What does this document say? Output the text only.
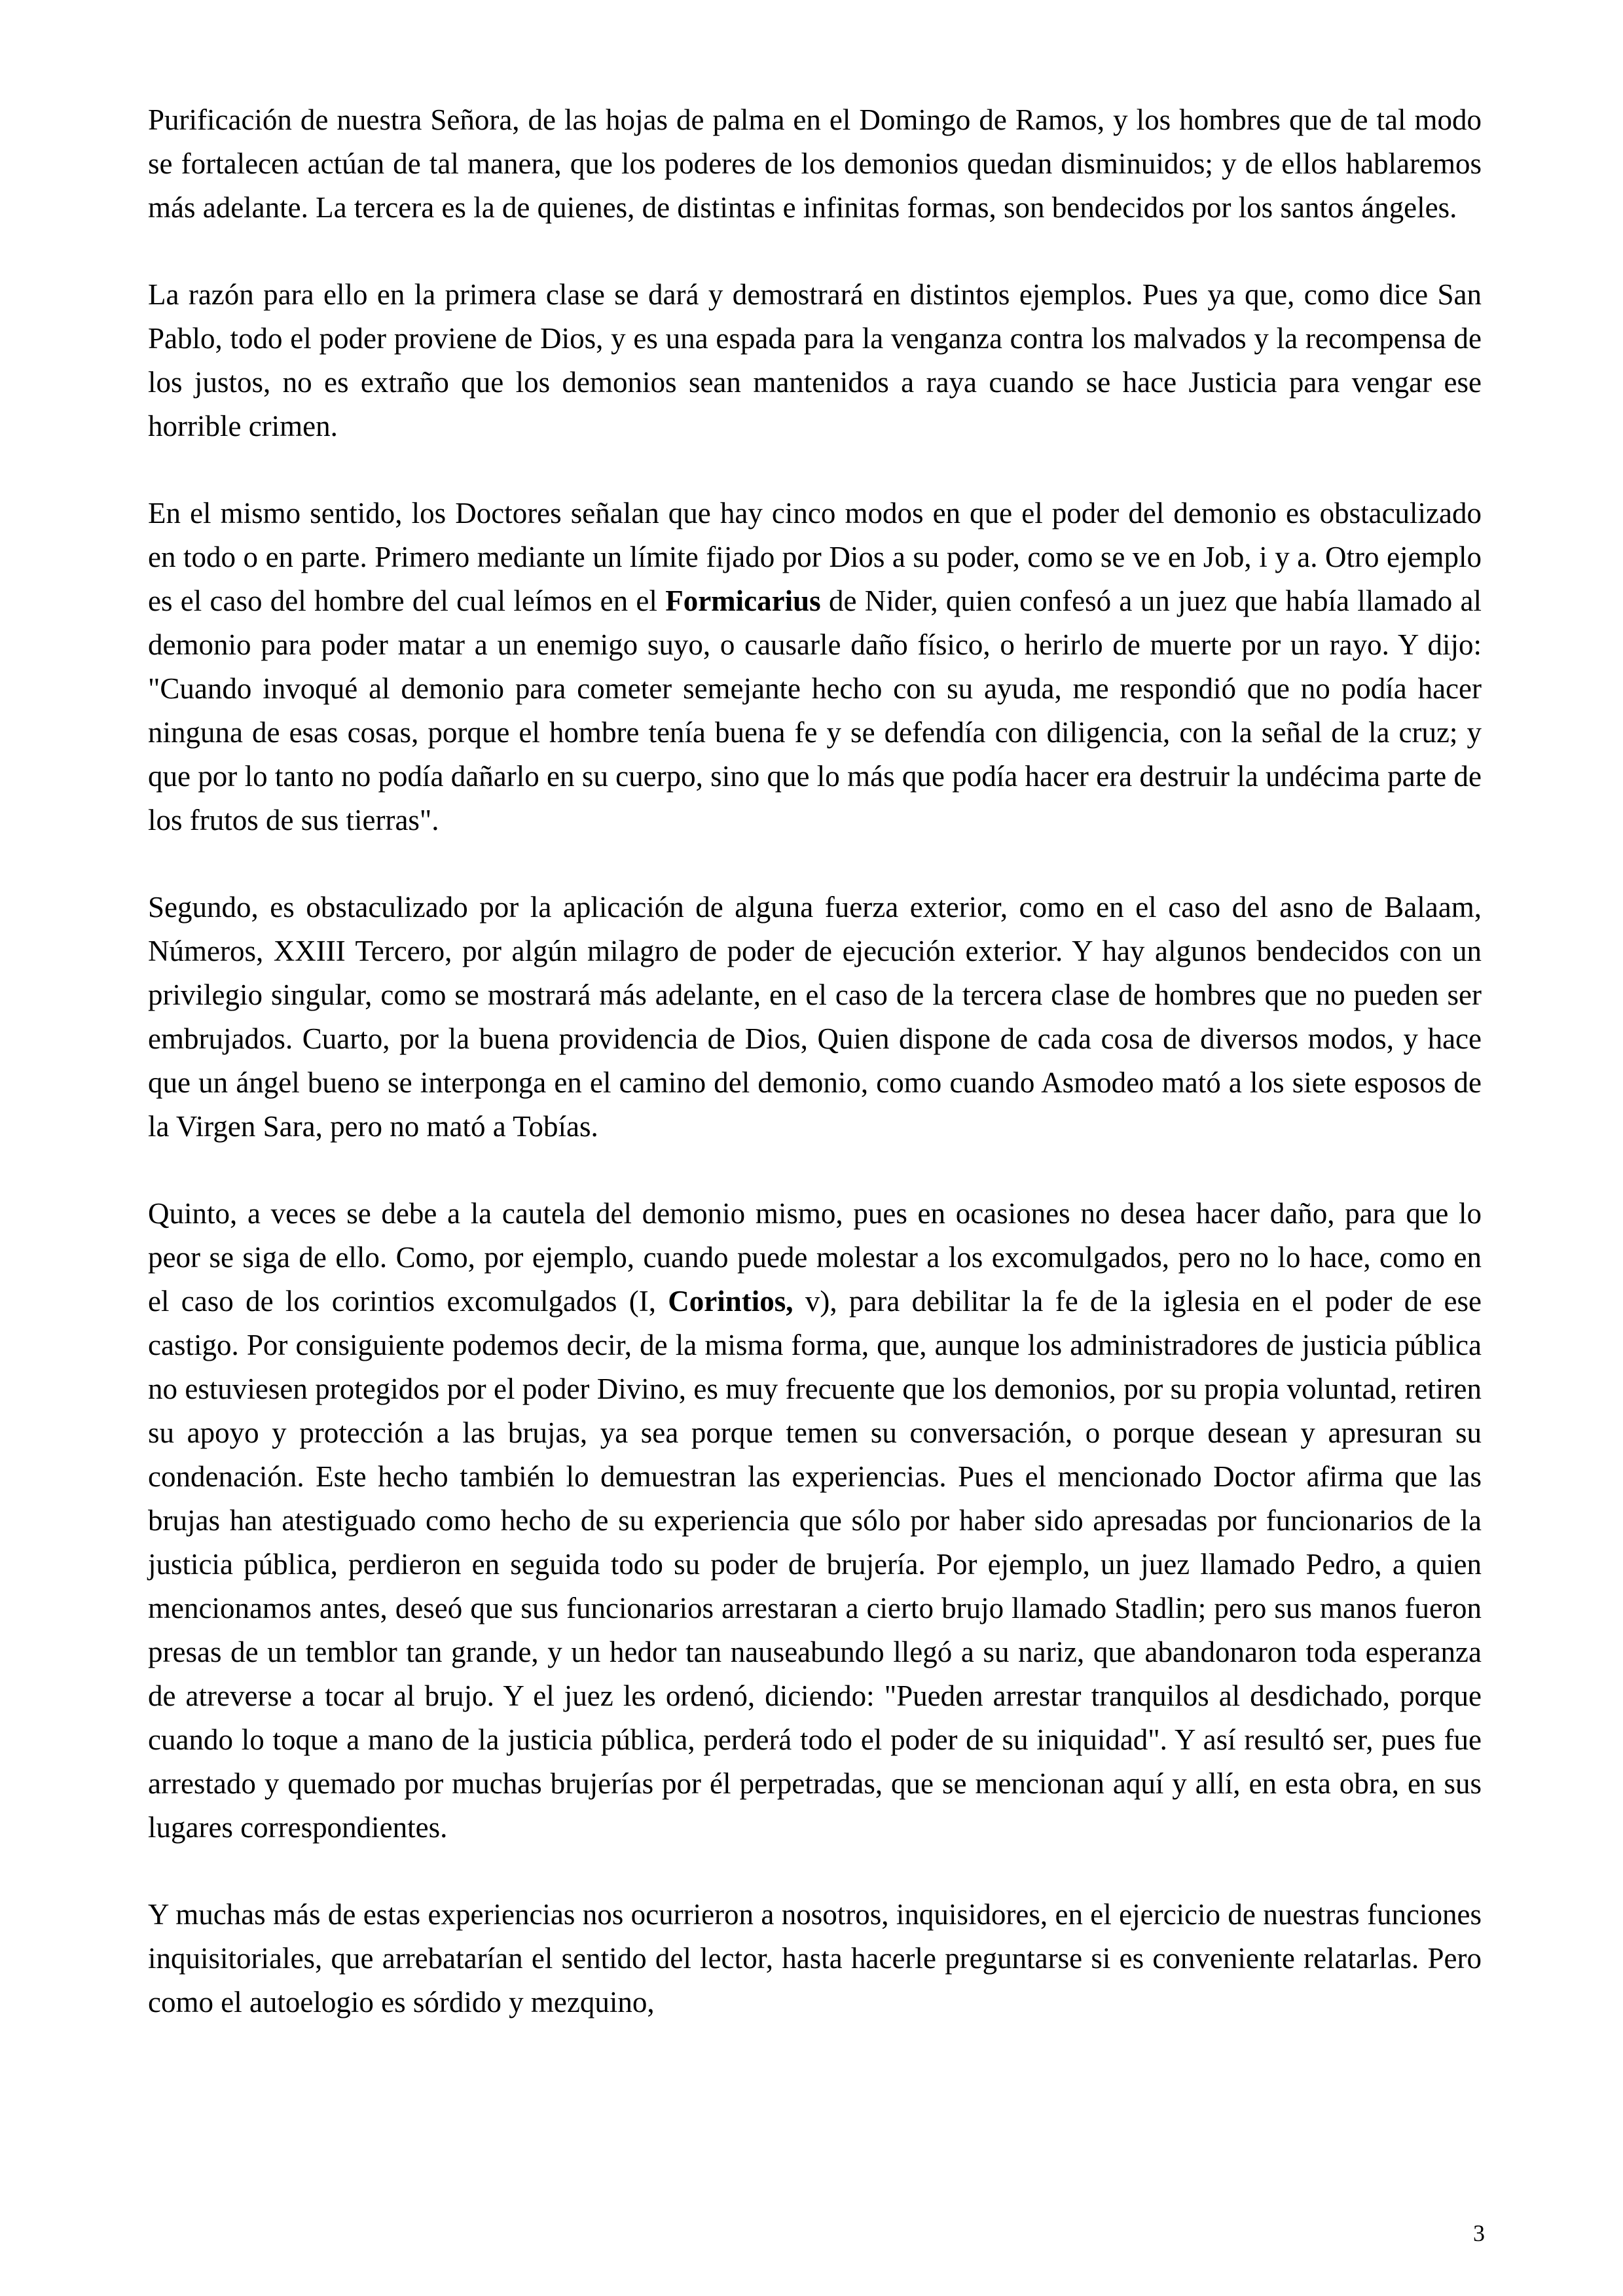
Purificación de nuestra Señora, de las hojas de palma en el Domingo de Ramos, y los hombres que de tal modo se fortalecen actúan de tal manera, que los poderes de los demonios quedan disminuidos; y de ellos hablaremos más adelante. La tercera es la de quienes, de distintas e infinitas formas, son bendecidos por los santos ángeles.

La razón para ello en la primera clase se dará y demostrará en distintos ejemplos. Pues ya que, como dice San Pablo, todo el poder proviene de Dios, y es una espada para la venganza contra los malvados y la recompensa de los justos, no es extraño que los demonios sean mantenidos a raya cuando se hace Justicia para vengar ese horrible crimen.

En el mismo sentido, los Doctores señalan que hay cinco modos en que el poder del demonio es obstaculizado en todo o en parte. Primero mediante un límite fijado por Dios a su poder, como se ve en Job, i y a. Otro ejemplo es el caso del hombre del cual leímos en el Formicarius de Nider, quien confesó a un juez que había llamado al demonio para poder matar a un enemigo suyo, o causarle daño físico, o herirlo de muerte por un rayo. Y dijo: "Cuando invoqué al demonio para cometer semejante hecho con su ayuda, me respondió que no podía hacer ninguna de esas cosas, porque el hombre tenía buena fe y se defendía con diligencia, con la señal de la cruz; y que por lo tanto no podía dañarlo en su cuerpo, sino que lo más que podía hacer era destruir la undécima parte de los frutos de sus tierras".

Segundo, es obstaculizado por la aplicación de alguna fuerza exterior, como en el caso del asno de Balaam, Números, XXIII Tercero, por algún milagro de poder de ejecución exterior. Y hay algunos bendecidos con un privilegio singular, como se mostrará más adelante, en el caso de la tercera clase de hombres que no pueden ser embrujados. Cuarto, por la buena providencia de Dios, Quien dispone de cada cosa de diversos modos, y hace que un ángel bueno se interponga en el camino del demonio, como cuando Asmodeo mató a los siete esposos de la Virgen Sara, pero no mató a Tobías.

Quinto, a veces se debe a la cautela del demonio mismo, pues en ocasiones no desea hacer daño, para que lo peor se siga de ello. Como, por ejemplo, cuando puede molestar a los excomulgados, pero no lo hace, como en el caso de los corintios excomulgados (I, Corintios, v), para debilitar la fe de la iglesia en el poder de ese castigo. Por consiguiente podemos decir, de la misma forma, que, aunque los administradores de justicia pública no estuviesen protegidos por el poder Divino, es muy frecuente que los demonios, por su propia voluntad, retiren su apoyo y protección a las brujas, ya sea porque temen su conversación, o porque desean y apresuran su condenación. Este hecho también lo demuestran las experiencias. Pues el mencionado Doctor afirma que las brujas han atestiguado como hecho de su experiencia que sólo por haber sido apresadas por funcionarios de la justicia pública, perdieron en seguida todo su poder de brujería. Por ejemplo, un juez llamado Pedro, a quien mencionamos antes, deseó que sus funcionarios arrestaran a cierto brujo llamado Stadlin; pero sus manos fueron presas de un temblor tan grande, y un hedor tan nauseabundo llegó a su nariz, que abandonaron toda esperanza de atreverse a tocar al brujo. Y el juez les ordenó, diciendo: "Pueden arrestar tranquilos al desdichado, porque cuando lo toque a mano de la justicia pública, perderá todo el poder de su iniquidad". Y así resultó ser, pues fue arrestado y quemado por muchas brujerías por él perpetradas, que se mencionan aquí y allí, en esta obra, en sus lugares correspondientes.

Y muchas más de estas experiencias nos ocurrieron a nosotros, inquisidores, en el ejercicio de nuestras funciones inquisitoriales, que arrebatarían el sentido del lector, hasta hacerle preguntarse si es conveniente relatarlas. Pero como el autoelogio es sórdido y mezquino,

3
